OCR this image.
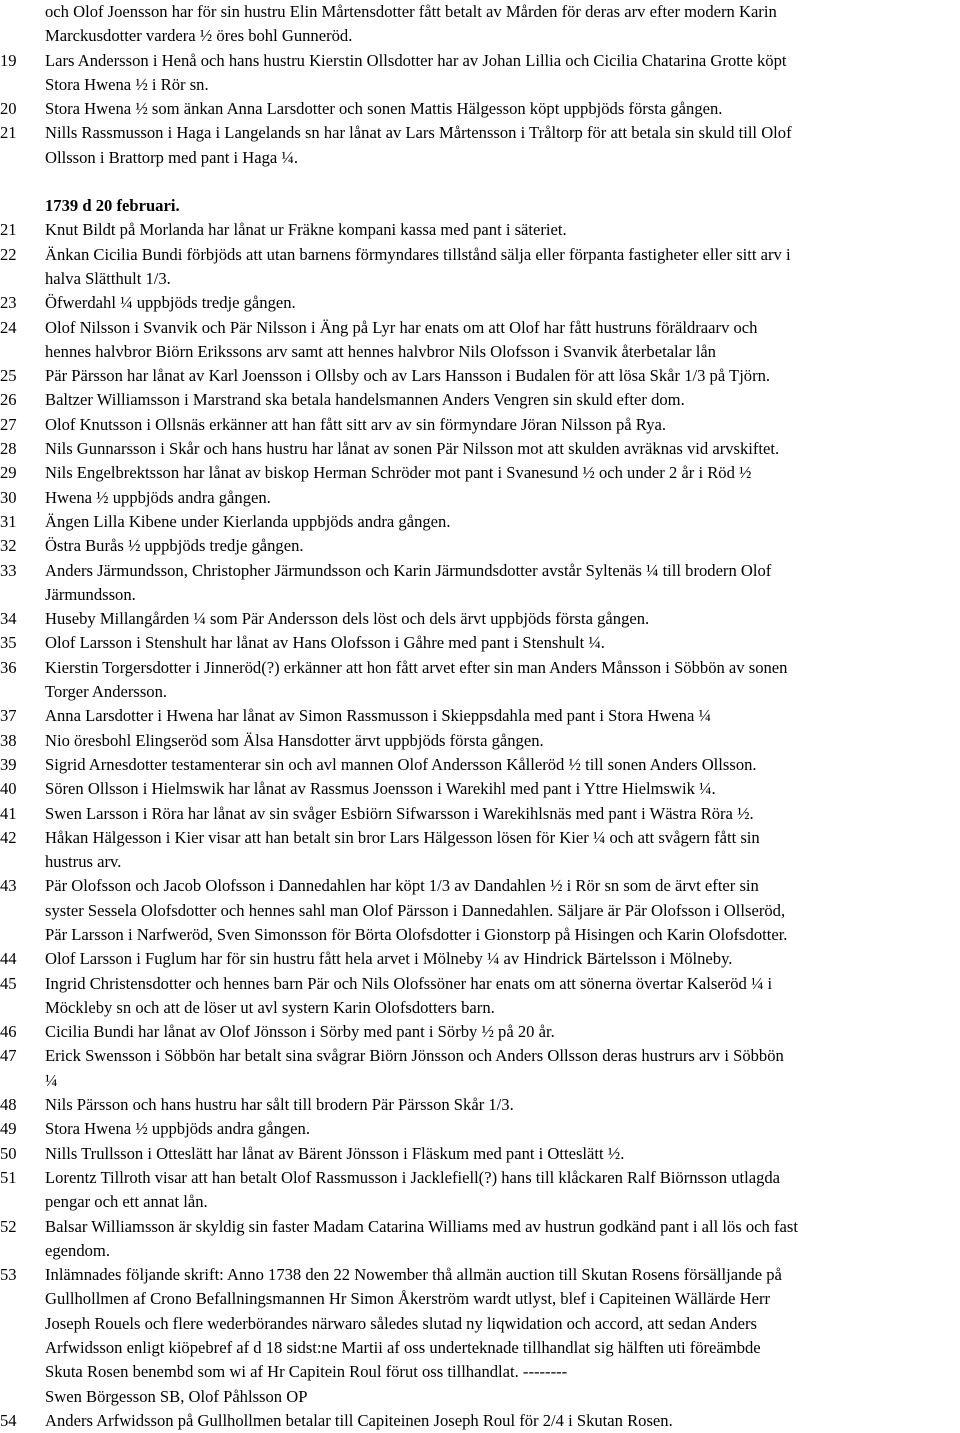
och Olof Joensson har för sin hustru Elin Mårtensdotter fått betalt av Mården för deras arv efter modern Karin
Marckusdotter vardera ½ öres bohl Gunneröd.
19	Lars Andersson i Henå och hans hustru Kierstin Ollsdotter har av Johan Lillia och Cicilia Chatarina Grotte köpt
Stora Hwena ½ i Rör sn.
20	Stora Hwena ½ som änkan Anna Larsdotter och sonen Mattis Hälgesson köpt uppbjöds första gången.
21	Nills Rassmusson i Haga i Langelands sn har lånat av Lars Mårtensson i Tråltorp för att betala sin skuld till Olof
Ollsson i Brattorp med pant i Haga ¼.
1739 d 20 februari.
21	Knut Bildt på Morlanda har lånat ur Fräkne kompani kassa med pant i säteriet.
22	Änkan Cicilia Bundi förbjöds att utan barnens förmyndares tillstånd sälja eller förpanta fastigheter eller sitt arv i
halva Slätthult 1/3.
23	Öfwerdahl ¼ uppbjöds tredje gången.
24	Olof Nilsson i Svanvik och Pär Nilsson i Äng på Lyr har enats om att Olof har fått hustruns föräldraarv och
hennes halvbror Biörn Erikssons arv samt att hennes halvbror Nils Olofsson i Svanvik återbetalar lån
25	Pär Pärsson har lånat av Karl Joensson i Ollsby och av Lars Hansson i Budalen för att lösa Skår 1/3 på Tjörn.
26	Baltzer Williamsson i Marstrand ska betala handelsmannen Anders Vengren sin skuld efter dom.
27	Olof Knutsson i Ollsnäs erkänner att han fått sitt arv av sin förmyndare Jöran Nilsson på Rya.
28	Nils Gunnarsson i Skår och hans hustru har lånat av sonen Pär Nilsson mot att skulden avräknas vid arvskiftet.
29	Nils Engelbrektsson har lånat av biskop Herman Schröder mot pant i Svanesund ½ och under 2 år i Röd ½
30	Hwena ½ uppbjöds andra gången.
31	Ängen Lilla Kibene under Kierlanda uppbjöds andra gången.
32	Östra Burås ½ uppbjöds tredje gången.
33	Anders Järmundsson, Christopher Järmundsson och Karin Järmundsdotter avstår Syltenäs ¼ till brodern Olof
Järmundsson.
34	Huseby Millangården ¼ som Pär Andersson dels löst och dels ärvt uppbjöds första gången.
35	Olof Larsson i Stenshult har lånat av Hans Olofsson i Gåhre med pant i Stenshult ¼.
36	Kierstin Torgersdotter i Jinneröd(?) erkänner att hon fått arvet efter sin man Anders Månsson i Söbbön av sonen
Torger Andersson.
37	Anna Larsdotter i Hwena har lånat av Simon Rassmusson i Skieppsdahla med pant i Stora Hwena ¼
38	Nio öresbohl Elingseröd som Älsa Hansdotter ärvt uppbjöds första gången.
39	Sigrid Arnesdotter testamenterar sin och avl mannen Olof Andersson Kålleröd ½ till sonen Anders Ollsson.
40	Sören Ollsson i Hielmswik har lånat av Rassmus Joensson i Warekihl med pant i Yttre Hielmswik ¼.
41	Swen Larsson i Röra har lånat av sin svåger Esbiörn Sifwarsson i Warekihlsnäs med pant i Wästra Röra ½.
42	Håkan Hälgesson i Kier visar att han betalt sin bror Lars Hälgesson lösen för Kier ¼ och att svågern fått sin
hustrus arv.
43	Pär Olofsson och Jacob Olofsson i Dannedahlen har köpt 1/3 av Dandahlen ½ i Rör sn som de ärvt efter sin
syster Sessela Olofsdotter och hennes sahl man Olof Pärsson i Dannedahlen. Säljare är Pär Olofsson i Ollseröd,
Pär Larsson i Narfweröd, Sven Simonsson för Börta Olofsdotter i Gionstorp på Hisingen och Karin Olofsdotter.
44	Olof Larsson i Fuglum har för sin hustru fått hela arvet i Mölneby ¼ av Hindrick Bärtelsson i Mölneby.
45	Ingrid Christensdotter och hennes barn Pär och Nils Olofssöner har enats om att sönerna övertar Kalseröd ¼ i
Möckleby sn och att de löser ut avl systern Karin Olofsdotters barn.
46	Cicilia Bundi har lånat av Olof Jönsson i Sörby med pant i Sörby ½ på 20 år.
47	Erick Swensson i Söbbön har betalt sina svågrar Biörn Jönsson och Anders Ollsson deras hustrurs arv i Söbbön
¼
48	Nils Pärsson och hans hustru har sålt till brodern Pär Pärsson Skår 1/3.
49	Stora Hwena ½ uppbjöds andra gången.
50	Nills Trullsson i Otteslätt har lånat av Bärent Jönsson i Fläskum med pant i Otteslätt ½.
51	Lorentz Tillroth visar att han betalt Olof Rassmusson i Jacklefiell(?) hans till klåckaren Ralf Biörnsson utlagda
pengar och ett annat lån.
52	Balsar Williamsson är skyldig sin faster Madam Catarina Williams med av hustrun godkänd pant i all lös och fast
egendom.
53	Inlämnades följande skrift: Anno 1738 den 22 Nowember thå allmän auction till Skutan Rosens försälljande på
Gullhollmen af Crono Befallningsmannen Hr Simon Åkerström wardt utlyst, blef i Capiteinen Wällärde Herr
Joseph Rouels och flere wederbörandes närwaro således slutad ny liqwidation och accord, att sedan Anders
Arfwidsson enligt kiöpebref af d 18 sidst:ne Martii af oss underteknade tillhandlat sig hälften uti föreämbde
Skuta Rosen benembd som wi af Hr Capitein Roul förut oss tillhandlat. --------
Swen Börgesson SB, Olof Påhlsson OP
54	Anders Arfwidsson på Gullhollmen betalar till Capiteinen Joseph Roul för 2/4 i Skutan Rosen.
